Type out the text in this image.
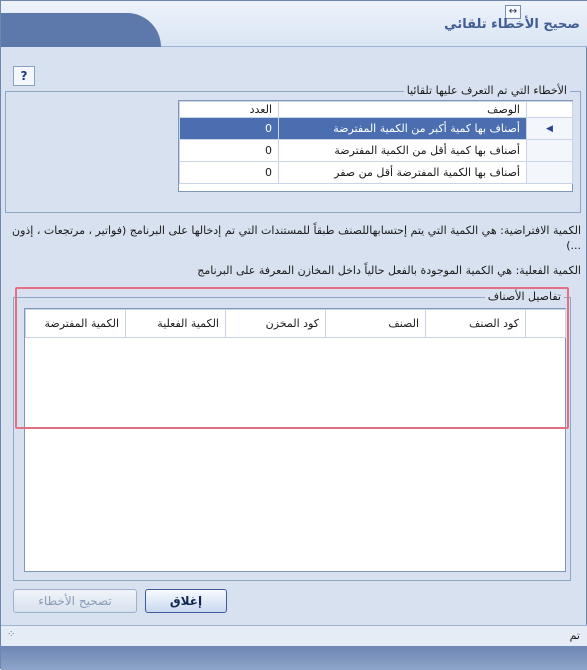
↔
صحيح الأخطاء تلقائي
?
الأخطاء التي تم التعرف عليها تلقائيا
العدد	الوصف	
0	أصناف بها كمية أكبر من الكمية المفترضة	◀
0	أصناف بها كمية أقل من الكمية المفترضة	
0	أصناف بها الكمية المفترضة أقل من صفر	
الكمية الافتراضية: هي الكمية التي يتم إحتسابهاللصنف طبقاً للمستندات التي تم إدخالها على البرنامج (فواتير ، مرتجعات ، إذون ...)
الكمية الفعلية: هي الكمية الموجودة بالفعل حالياً داخل المخازن المعرفة على البرنامج
تفاصيل الأصناف
الكمية المفترضة	الكمية الفعلية	كود المخزن	الصنف	كود الصنف	
تصحيح الأخطاء	إغلاق
⁘	تم
